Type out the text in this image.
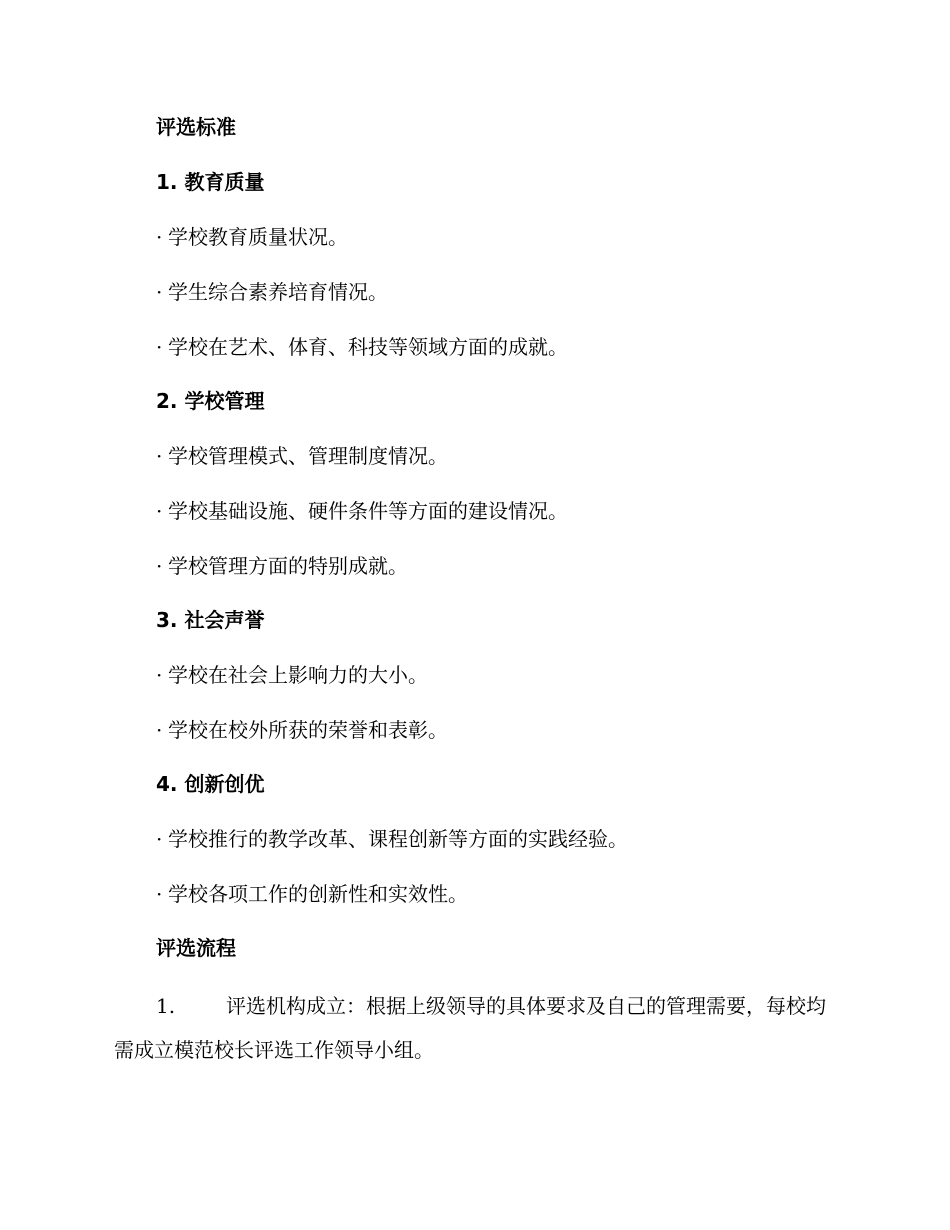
评选标准
1. 教育质量
· 学校教育质量状况。
· 学生综合素养培育情况。
· 学校在艺术、体育、科技等领域方面的成就。
2. 学校管理
· 学校管理模式、管理制度情况。
· 学校基础设施、硬件条件等方面的建设情况。
· 学校管理方面的特别成就。
3. 社会声誉
· 学校在社会上影响力的大小。
· 学校在校外所获的荣誉和表彰。
4. 创新创优
· 学校推行的教学改革、课程创新等方面的实践经验。
· 学校各项工作的创新性和实效性。
评选流程
1.	评选机构成立：根据上级领导的具体要求及自己的管理需要，每校均需成立模范校长评选工作领导小组。
